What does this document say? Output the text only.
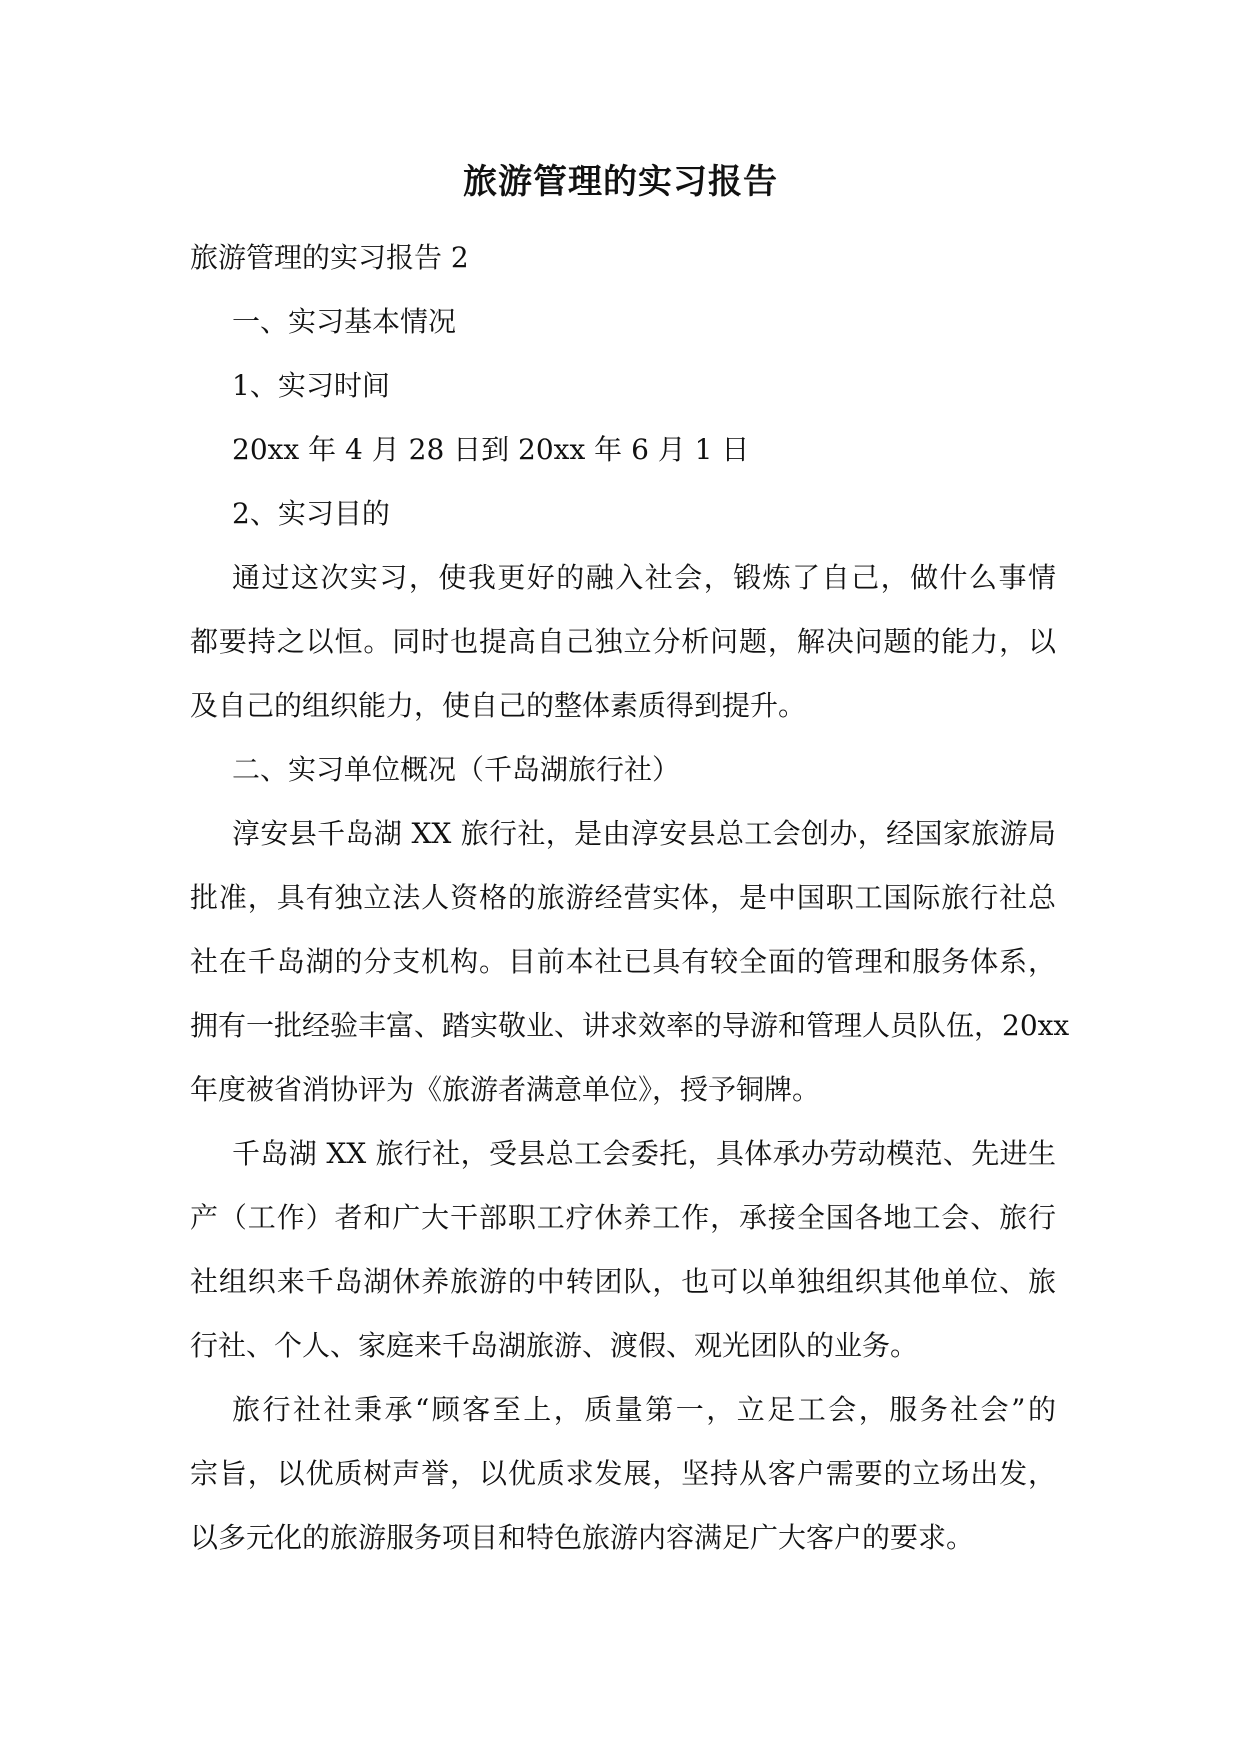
旅游管理的实习报告
旅游管理的实习报告 2
一、实习基本情况
1、实习时间
20xx 年 4 月 28 日到 20xx 年 6 月 1 日
2、实习目的
通过这次实习，使我更好的融入社会，锻炼了自己，做什么事情
都要持之以恒。同时也提高自己独立分析问题，解决问题的能力，以
及自己的组织能力，使自己的整体素质得到提升。
二、实习单位概况（千岛湖旅行社）
淳安县千岛湖 XX 旅行社，是由淳安县总工会创办，经国家旅游局
批准，具有独立法人资格的旅游经营实体，是中国职工国际旅行社总
社在千岛湖的分支机构。目前本社已具有较全面的管理和服务体系，
拥有一批经验丰富、踏实敬业、讲求效率的导游和管理人员队伍，20xx
年度被省消协评为《旅游者满意单位》，授予铜牌。
千岛湖 XX 旅行社，受县总工会委托，具体承办劳动模范、先进生
产（工作）者和广大干部职工疗休养工作，承接全国各地工会、旅行
社组织来千岛湖休养旅游的中转团队，也可以单独组织其他单位、旅
行社、个人、家庭来千岛湖旅游、渡假、观光团队的业务。
旅行社社秉承“顾客至上，质量第一，立足工会，服务社会”的
宗旨，以优质树声誉，以优质求发展，坚持从客户需要的立场出发，
以多元化的旅游服务项目和特色旅游内容满足广大客户的要求。
